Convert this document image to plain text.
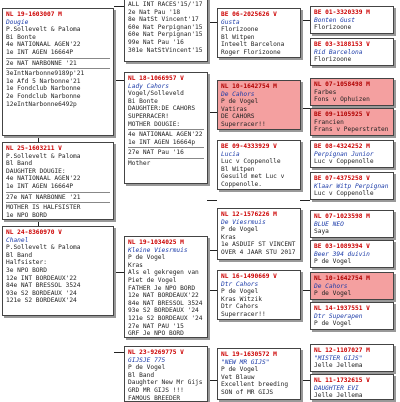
NL 25-1603211 V
P.Sollevelt & Paloma
Bl Band
DAUGHTER DOUGIE:
4e NATIONAAL AGEN'22
1e INT AGEN 16664P
27e NAT NARBONNE '21
MOTHER IS HALFSISTER
1e NPO BORD
NL 19-1603007 M
Dougie
P.Sollevelt & Paloma
Bi Bonte
4e NATIONAAL AGEN'22
1e INT AGEN 16664P
2e NAT NARBONNE '21
3eIntNarbonne9189p'21
1e Afd 5 Narbonne'21
1e Fondclub Narbonne
2e Fondclub Narbonne
12eIntNarbonne6492p
NL 24-8360970 V
Chanel
P.Sollevelt & Paloma
Bl Band
Halfsister:
3e NPO BORD
12e INT BORDEAUX'22
84e NAT BRESSOL 3524
93e S2 BORDEAUX '24
121e S2 BORDEAUX'24
ALL INT RACES'15/'17
2e Nat Pau '18
8e NatSt Vincent'17
60e Nat Perpignan'15
60e Nat Perpignan'15
99e Nat Pau '16
301e NatStVincent'15
NL 18-1066957 V
Lady Cahors
Vogel/Solleveld
Bi Bonte
DAUGHTER:DE CAHORS
SUPERRACER!
MOTHER DOUGIE:
4e NATIONAAL AGEN'22
1e INT AGEN 16664p
27e NAT Pau '16
Mother
NL 19-1034025 M
Kleine Viesrmuis
P de Vogel
Kras
Als el gekregen van
Piet de Vogel
FATHER Je NPO BORD
12e NAT BORDEAUX'22
84e NAT BRESSOL 3524
93e S2 BORDEAUX '24
121e S2 BORDEAUX '24
27e NAT PAU '15
GRF Je NPO BORD
NL 23-9269775 V
GIJSJE 775
P de Vogel
Bl Band
Daughter New Mr Gijs
GRD MR GIJS !!!
FAMOUS BREEDER
BE 06-2025626 V
Gusta
Florizoone
Bl Witpen
Inteelt Barcelona
Roger Florizoone
NL 10-1642754 M
De Cahors
P de Vogel
Vatiras
DE CAHORS
Superracer!!
BE 09-4333929 V
Lucia
Luc v Coppenolle
Bl Witpen
Gesuild met Luc v
Coppenolle.
NL 12-1576226 M
De Viesrmuis
P de Vogel
Kras
1e ASDUIF ST VINCENT
OVER 4 JAAR STU 2017
NL 16-1490669 V
Dtr Cahors
P de Vogel
Kras Witzik
Dtr Cahors
Superracer!!
NL 19-1630572 M
"NEW MR GIJS"
P de Vogel
Vet Blauw
Excellent breeding
SON of MR GIJS
BE 01-3320339 M
Bonten Gust
Florizoone
BE 03-3188153 V
Rid Barcelona
Florizoone
NL 07-1058498 M
Farbes
Fons v Ophuizen
BE 09-1105925 V
Francien
Frans v Peperstraten
BE 08-4324252 M
Perpignan Junior
Luc v Coppenolle
BE 07-4375258 V
Klaar Witp Perpignan
Luc v Coppenolle
NL 07-1023598 M
BLUE NEO
Saya
BE 03-1089394 V
Beer 394 duivin
P de Vogel
NL 10-1642754 M
De Cahors
P de Vogel
NL 14-1937551 V
Dtr Superapen
P de Vogel
NL 12-1107027 M
"MISTER GIJS"
Jelle Jellema
NL 11-1732615 V
DAUGHTER EVI
Jelle Jellema
